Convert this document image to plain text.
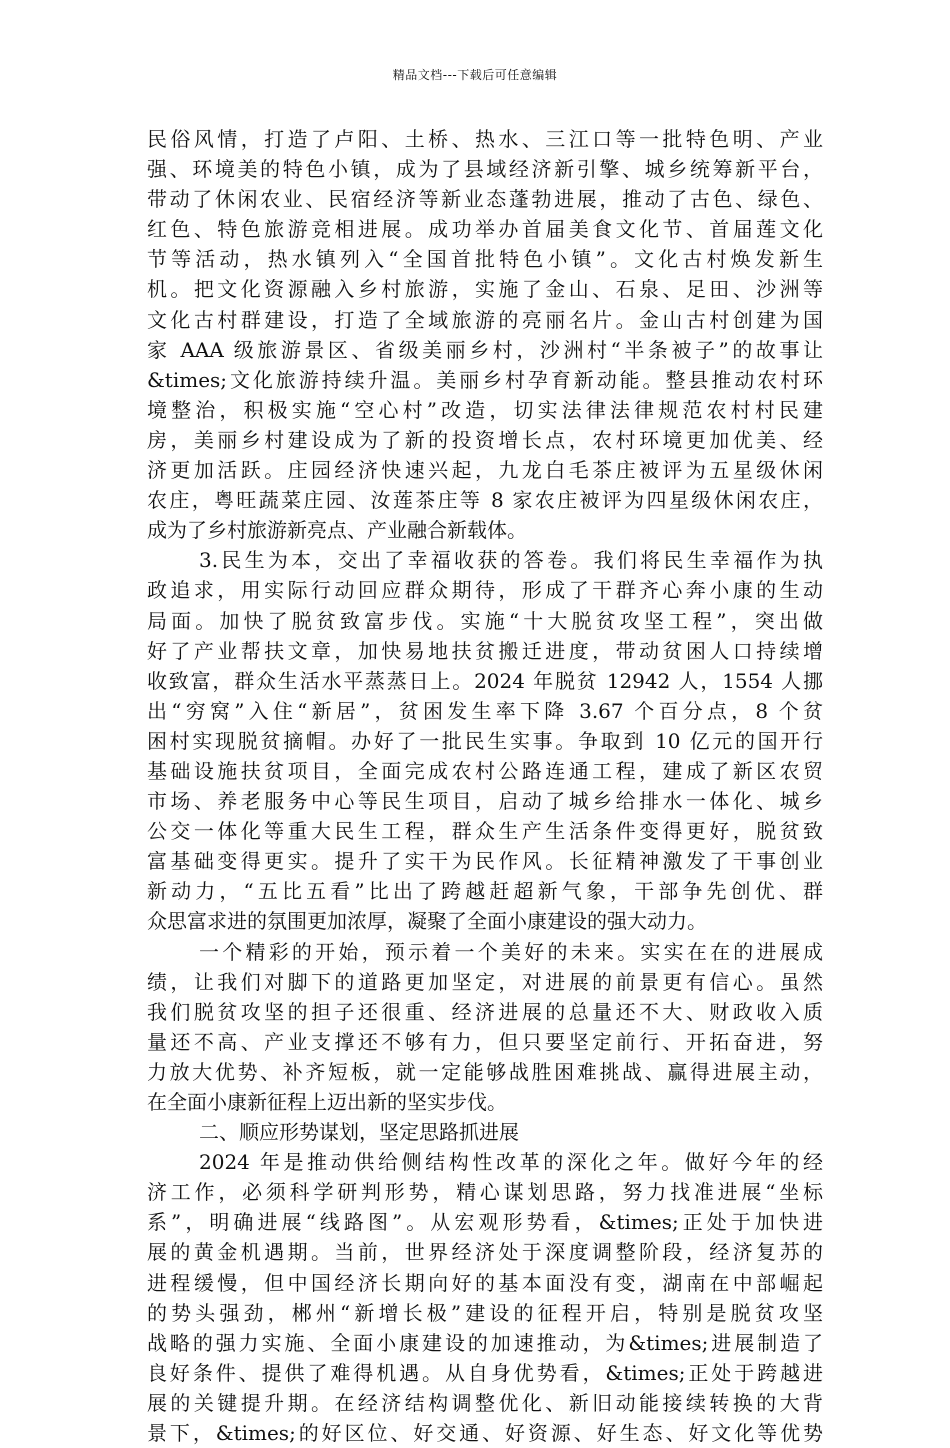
精品文档---下载后可任意编辑
民俗风情，打造了卢阳、土桥、热水、三江口等一批特色明、产业
强、环境美的特色小镇，成为了县域经济新引擎、城乡统筹新平台，
带动了休闲农业、民宿经济等新业态蓬勃进展，推动了古色、绿色、
红色、特色旅游竞相进展。成功举办首届美食文化节、首届莲文化
节等活动，热水镇列入“全国首批特色小镇”。文化古村焕发新生
机。把文化资源融入乡村旅游，实施了金山、石泉、足田、沙洲等
文化古村群建设，打造了全域旅游的亮丽名片。金山古村创建为国
家 AAA 级旅游景区、省级美丽乡村，沙洲村“半条被子”的故事让
&times;文化旅游持续升温。美丽乡村孕育新动能。整县推动农村环
境整治，积极实施“空心村”改造，切实法律法律规范农村村民建
房，美丽乡村建设成为了新的投资增长点，农村环境更加优美、经
济更加活跃。庄园经济快速兴起，九龙白毛茶庄被评为五星级休闲
农庄，粤旺蔬菜庄园、汝莲茶庄等 8 家农庄被评为四星级休闲农庄，
成为了乡村旅游新亮点、产业融合新载体。
3.民生为本，交出了幸福收获的答卷。我们将民生幸福作为执
政追求，用实际行动回应群众期待，形成了干群齐心奔小康的生动
局面。加快了脱贫致富步伐。实施“十大脱贫攻坚工程”，突出做
好了产业帮扶文章，加快易地扶贫搬迁进度，带动贫困人口持续增
收致富，群众生活水平蒸蒸日上。2024 年脱贫 12942 人，1554 人挪
出“穷窝”入住“新居”，贫困发生率下降 3.67 个百分点，8 个贫
困村实现脱贫摘帽。办好了一批民生实事。争取到 10 亿元的国开行
基础设施扶贫项目，全面完成农村公路连通工程，建成了新区农贸
市场、养老服务中心等民生项目，启动了城乡给排水一体化、城乡
公交一体化等重大民生工程，群众生产生活条件变得更好，脱贫致
富基础变得更实。提升了实干为民作风。长征精神激发了干事创业
新动力，“五比五看”比出了跨越赶超新气象，干部争先创优、群
众思富求进的氛围更加浓厚，凝聚了全面小康建设的强大动力。
一个精彩的开始，预示着一个美好的未来。实实在在的进展成
绩，让我们对脚下的道路更加坚定，对进展的前景更有信心。虽然
我们脱贫攻坚的担子还很重、经济进展的总量还不大、财政收入质
量还不高、产业支撑还不够有力，但只要坚定前行、开拓奋进，努
力放大优势、补齐短板，就一定能够战胜困难挑战、赢得进展主动，
在全面小康新征程上迈出新的坚实步伐。
二、顺应形势谋划，坚定思路抓进展
2024 年是推动供给侧结构性改革的深化之年。做好今年的经
济工作，必须科学研判形势，精心谋划思路，努力找准进展“坐标
系”，明确进展“线路图”。从宏观形势看，&times;正处于加快进
展的黄金机遇期。当前，世界经济处于深度调整阶段，经济复苏的
进程缓慢，但中国经济长期向好的基本面没有变，湖南在中部崛起
的势头强劲，郴州“新增长极”建设的征程开启，特别是脱贫攻坚
战略的强力实施、全面小康建设的加速推动，为&times;进展制造了
良好条件、提供了难得机遇。从自身优势看，&times;正处于跨越进
展的关键提升期。在经济结构调整优化、新旧动能接续转换的大背
景下，&times;的好区位、好交通、好资源、好生态、好文化等优势
